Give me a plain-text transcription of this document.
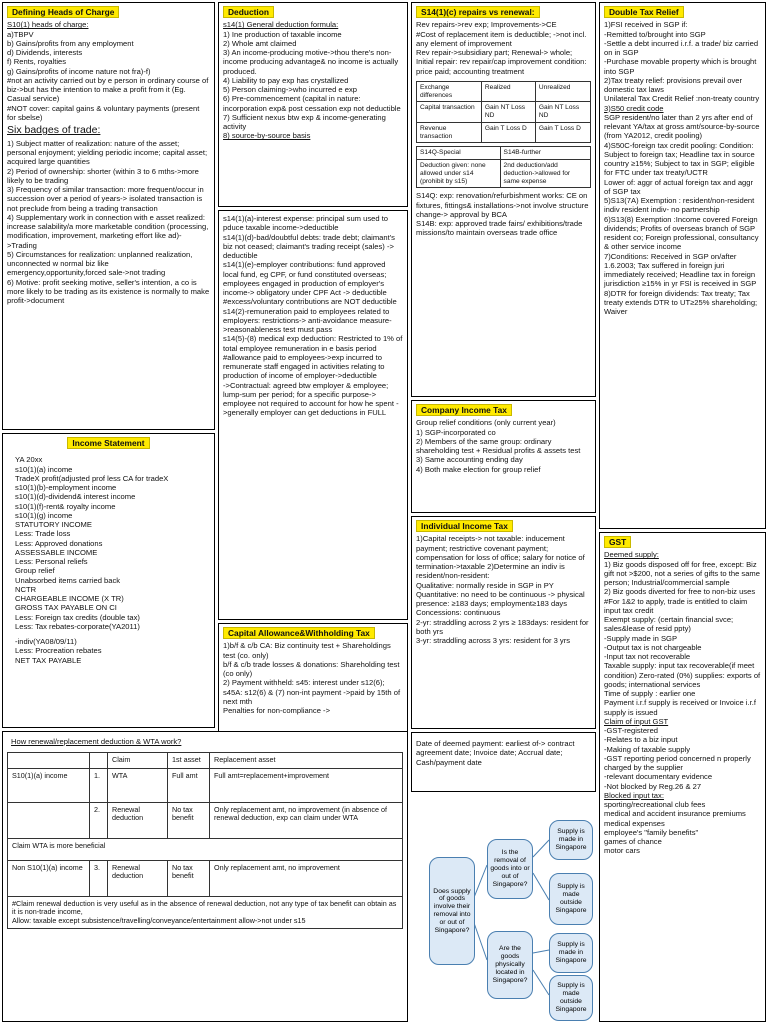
Defining Heads of Charge
S10(1) heads of charge:
a)TBPV
b) Gains/profits from any employment
d) Dividends, interests
f) Rents, royalties
g) Gains/profits of income nature not fra)-f)
#not an activity carried out by e person in ordinary course of biz->but has the intention to make a profit from it (Eg. Casual service)
#NOT cover: capital gains & voluntary payments (present for sbelse)
Six badges of trade:
1) Subject matter of realization: nature of the asset; personal enjoyment; yielding periodic income; capital asset; acquired large quantities
2) Period of ownership: shorter (within 3 to 6 mths->more likely to be trading
3) Frequency of similar transaction: more frequent/occur in succession over a period of years-> isolated transaction is not preclude from being a trading transaction
4) Supplementary work in connection with e asset realized: increase salability/a more marketable condition (processing, modification, improvement, marketing effort like ad)->Trading
5) Circumstances for realization: unplanned realization, unconnected w normal biz like emergency,opportunity,forced sale->not trading
6) Motive: profit seeking motive, seller's intention, a co is more likely to be trading as its existence is normally to make profit->document
Deduction
s14(1) General deduction formula:
1) Ine production of taxable income
2) Whole amt claimed
3) An income-producing motive->thou there's non-income producing advantage& no income is actually produced.
4) Liability to pay exp has crystallized
5) Person claiming->who incurred e exp
6) Pre-commencement (capital in nature: incorporation exp& post cessation exp not deductible
7) Sufficient nexus btw exp & income-generating activity
8) source-by-source basis
s14(1)(a)-interest expense: principal sum used to pduce taxable income->deductible
s14(1)(d)-bad/doubtful debts: trade debt; claimant's biz not ceased; claimant's trading receipt (sales) -> deductible
s14(1)(e)-employer contributions: fund approved local fund, eg CPF, or fund constituted overseas; employees engaged in production of employer's income-> obligatory under CPF Act -> deductible
#excess/voluntary contributions are NOT deductible
s14(2)-remuneration paid to employees related to employers: restrictions-> anti-avoidance measure->reasonableness test must pass
s14(5)-(8) medical exp deduction: Restricted to 1% of total employee remuneration in e basis period
#allowance paid to employees->exp incurred to remunerate staff engaged in activities relating to production of income of employer->deductible
->Contractual: agreed btw employer & employee; lump-sum per period; for a specific purpose-> employee not required to account for how he spent ->generally employer can get deductions in FULL
Capital Allowance&Withholding Tax
1)b/f & c/b CA: Biz continuity test + Shareholdings test (co. only)
b/f & c/b trade losses & donations: Shareholding test (co only)
2) Payment withheld: s45: interest under s12(6); s45A: s12(6) & (7) non-int payment ->paid by 15th of next mth
Penalties for non-compliance ->
S14(1)(c) repairs vs renewal:
Rev repairs->rev exp; Improvements->CE
#Cost of replacement item is deductible; ->not incl. any element of improvement
Rev repair->subsidiary part; Renewal-> whole; Initial repair: rev repair/cap improvement condition: price paid; accounting treatment
Exchange differences	Realized	Unrealized
Capital transaction	Gain NT Loss ND	Gain NT Loss ND
Revenue transaction	Gain T Loss D	Gain T Loss D
S14Q-Special	S14B-further
Deduction given: none allowed under s14 (prohibit by s15)	2nd deduction/add deduction->allowed for same expense
S14Q: exp: renovation/refurbishment works: CE on fixtures, fittings& installations->not involve structure change-> approval by BCA
S14B: exp: approved trade fairs/ exhibitions/trade missions/to maintain overseas trade office
Company Income Tax
Group relief conditions (only current year)
1) SGP-incorporated co
2) Members of the same group: ordinary shareholding test + Residual profits & assets test
3) Same accounting ending day
4) Both make election for group relief
Individual Income Tax
1)Capital receipts-> not taxable: inducement payment; restrictive covenant payment; compensation for loss of office; salary for notice of termination->taxable 2)Determine an indiv is resident/non-resident:
Qualitative: normally reside in SGP in PY
Quantitative: no need to be continuous -> physical presence: ≥183 days; employment≥183 days
Concessions: continuous
2-yr: straddling across 2 yrs ≥ 183days: resident for both yrs
3-yr: straddling across 3 yrs: resident for 3 yrs
Date of deemed payment: earliest of-> contract agreement date; Invoice date; Accrual date; Cash/payment date
Double Tax Relief
1)FSI received in SGP if:
-Remitted to/brought into SGP
-Settle a debt incurred i.r.f. a trade/ biz carried on in SGP
-Purchase movable property which is brought into SGP
2)Tax treaty relief: provisions prevail over domestic tax laws
Unilateral Tax Credit Relief :non-treaty country
3)S50 credit code
SGP resident/no later than 2 yrs after end of relevant YA/tax at gross amt/source-by-source (from YA2012, credit pooling)
4)S50C-foreign tax credit pooling: Condition: Subject to foreign tax; Headline tax in source country ≥15%; Subject to tax in SGP; eligible for FTC under tax treaty/UCTR
Lower of: aggr of actual foreign tax and aggr of SGP tax
5)S13(7A) Exemption : resident/non-resident indiv resident indiv- no partnership
6)S13(8) Exemption :Income covered Foreign dividends; Profits of overseas branch of SGP resident co; Foreign professional, consultancy & other service income
7)Conditions: Received in SGP on/after 1.6.2003; Tax suffered in foreign juri immediately received; Headline tax in foreign jurisdiction ≥15% in yr FSI is received in SGP
8)DTR for foreign dividends: Tax treaty; Tax treaty extends DTR to UT≥25% shareholding; Waiver
GST
Deemed supply:
1) Biz goods disposed off for free, except: Biz gift not >$200, not a series of gifts to the same person; Industrial/commercial sample
2) Biz goods diverted for free to non-biz uses
#For 1&2 to apply, trade is entitled to claim input tax credit
Exempt supply: (certain financial svce; sales&lease of resid ppty)
-Supply made in SGP
-Output tax is not chargeable
-Input tax not recoverable
Taxable supply: input tax recoverable(if meet condition) Zero-rated (0%) supplies: exports of goods; international services
Time of supply : earlier one
Payment i.r.f supply is received or Invoice i.r.f supply is issued
Claim of input GST
-GST-registered
-Relates to a biz input
-Making of taxable supply
-GST reporting period concerned n properly charged by the supplier
-relevant documentary evidence
-Not blocked by Reg.26 & 27
Blocked input tax:
sporting/recreational club fees
medical and accident insurance premiums
medical expenses
employee's "family benefits"
games of chance
motor cars
Income Statement
YA 20xx
s10(1)(a) income
TradeX profit(adjusted prof less CA for tradeX
s10(1)(b)-employment income
s10(1)(d)-dividend& interest income
s10(1)(f)-rent& royalty income
s10(1)(g) income
STATUTORY INCOME
Less: Trade loss
Less: Approved donations
ASSESSABLE INCOME
Less: Personal reliefs
Group relief
Unabsorbed items carried back
NCTR
CHARGEABLE INCOME (X TR)
GROSS TAX PAYABLE ON CI
Less: Foreign tax credits (double tax)
Less: Tax rebates-corporate(YA2011)
-indiv(YA08/09/11)
Less: Procreation rebates
NET TAX PAYABLE
How renewal/replacement deduction & WTA work?
		Claim	1st asset	Replacement asset
S10(1)(a) income	1.	WTA	Full amt	Full amt=replacement+improvement
	2.	Renewal deduction	No tax benefit	Only replacement amt, no improvement (in absence of renewal deduction, exp can claim under WTA
Claim WTA is more beneficial				
Non S10(1)(a) income	3.	Renewal deduction	No tax benefit	Only replacement amt, no improvement

#Claim renewal deduction is very useful as in the absence of renewal deduction, not any type of tax benefit can obtain as it is non-trade income,
Allow: taxable except subsistence/travelling/conveyance/entertainment allow->not under s15				
Does supply of goods involve their removal into or out of Singapore?
Is the removal of goods into or out of Singapore?
Are the goods physically located in Singapore?
Supply is made in Singapore
Supply is made outside Singapore
Supply is made in Singapore
Supply is made outside Singapore
